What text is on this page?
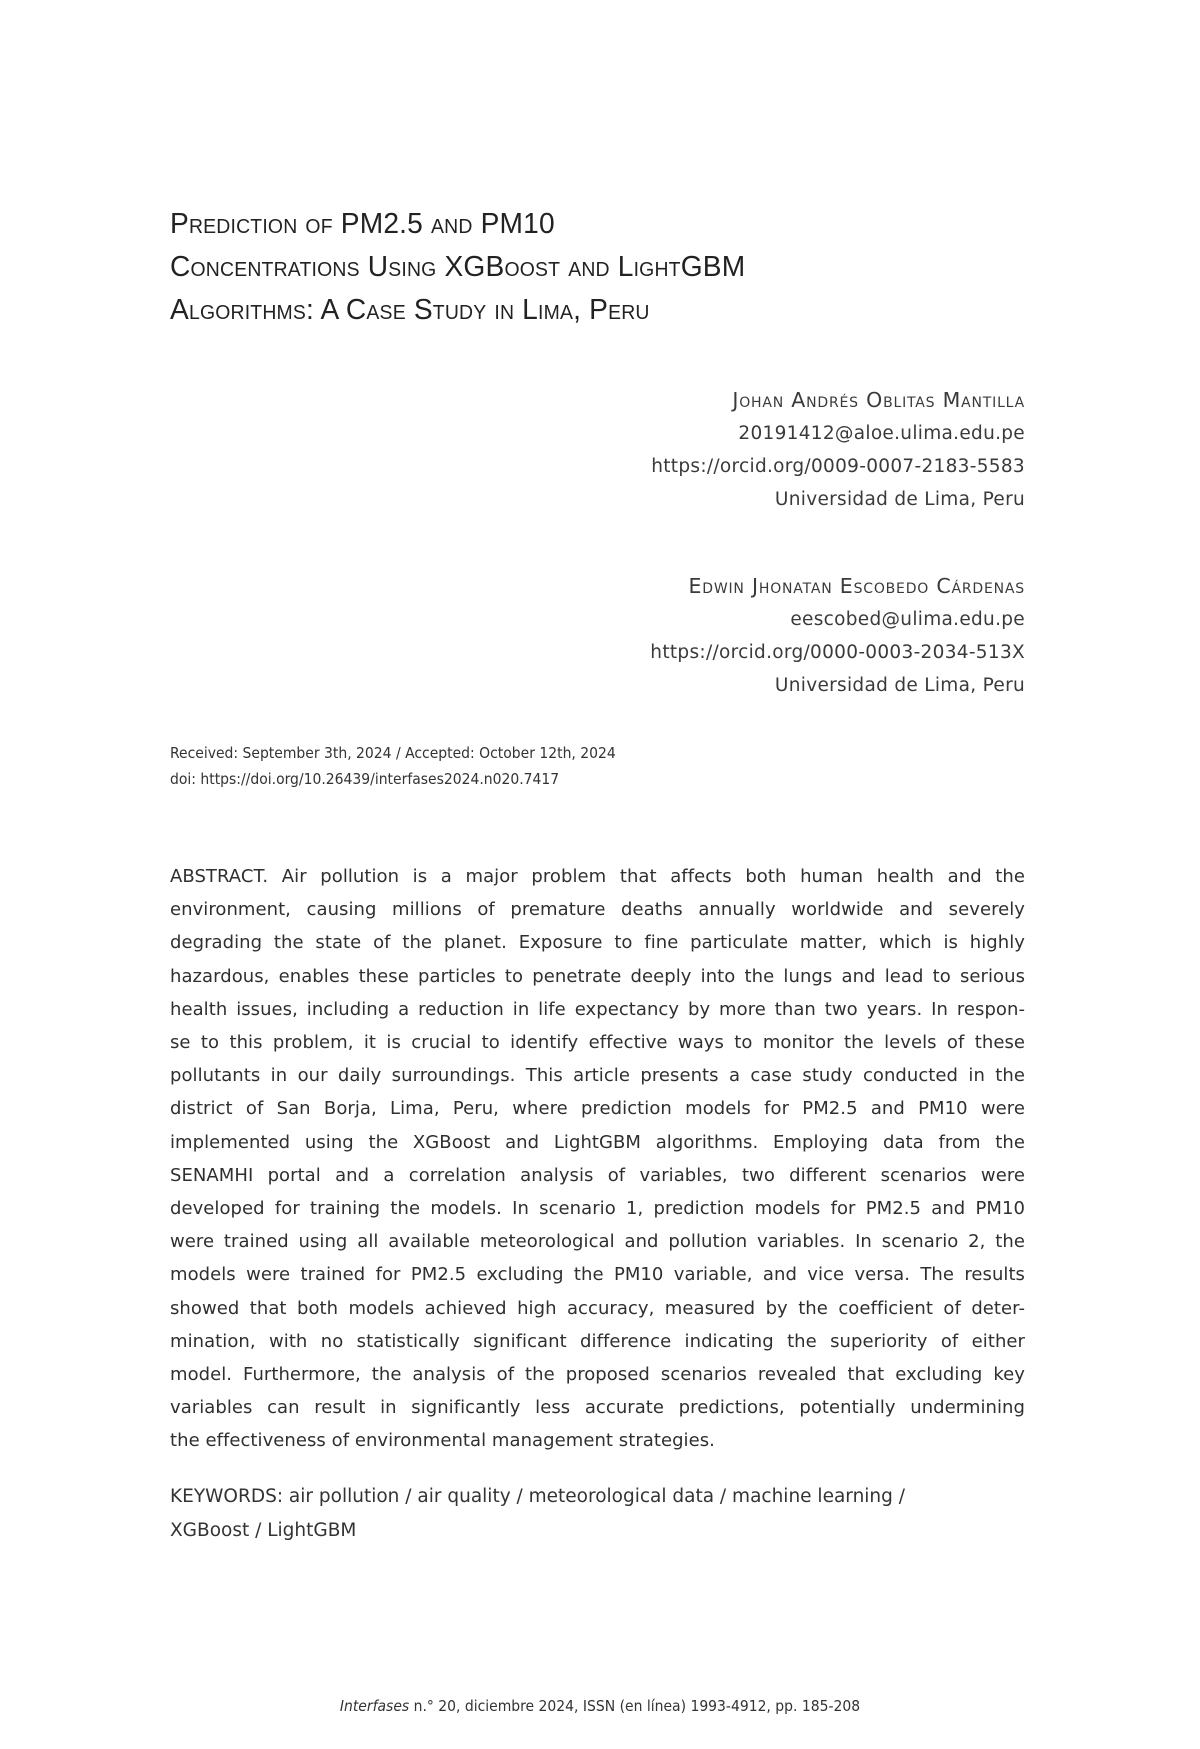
Prediction of PM2.5 and PM10
Concentrations Using XGBoost and LightGBM
Algorithms: A Case Study in Lima, Peru
Johan Andrés Oblitas Mantilla
20191412@aloe.ulima.edu.pe
https://orcid.org/0009-0007-2183-5583
Universidad de Lima, Peru
Edwin Jhonatan Escobedo Cárdenas
eescobed@ulima.edu.pe
https://orcid.org/0000-0003-2034-513X
Universidad de Lima, Peru
Received: September 3th, 2024 / Accepted: October 12th, 2024
doi: https://doi.org/10.26439/interfases2024.n020.7417

ABSTRACT. Air pollution is a major problem that affects both human health and the
environment, causing millions of premature deaths annually worldwide and severely
degrading the state of the planet. Exposure to fine particulate matter, which is highly
hazardous, enables these particles to penetrate deeply into the lungs and lead to serious
health issues, including a reduction in life expectancy by more than two years. In respon-
se to this problem, it is crucial to identify effective ways to monitor the levels of these
pollutants in our daily surroundings. This article presents a case study conducted in the
district of San Borja, Lima, Peru, where prediction models for PM2.5 and PM10 were
implemented using the XGBoost and LightGBM algorithms. Employing data from the
SENAMHI portal and a correlation analysis of variables, two different scenarios were
developed for training the models. In scenario 1, prediction models for PM2.5 and PM10
were trained using all available meteorological and pollution variables. In scenario 2, the
models were trained for PM2.5 excluding the PM10 variable, and vice versa. The results
showed that both models achieved high accuracy, measured by the coefficient of deter-
mination, with no statistically significant difference indicating the superiority of either
model. Furthermore, the analysis of the proposed scenarios revealed that excluding key
variables can result in significantly less accurate predictions, potentially undermining
the effectiveness of environmental management strategies.

KEYWORDS: air pollution / air quality / meteorological data / machine learning /
XGBoost / LightGBM
Interfases n.° 20, diciembre 2024, ISSN (en línea) 1993-4912, pp. 185-208
